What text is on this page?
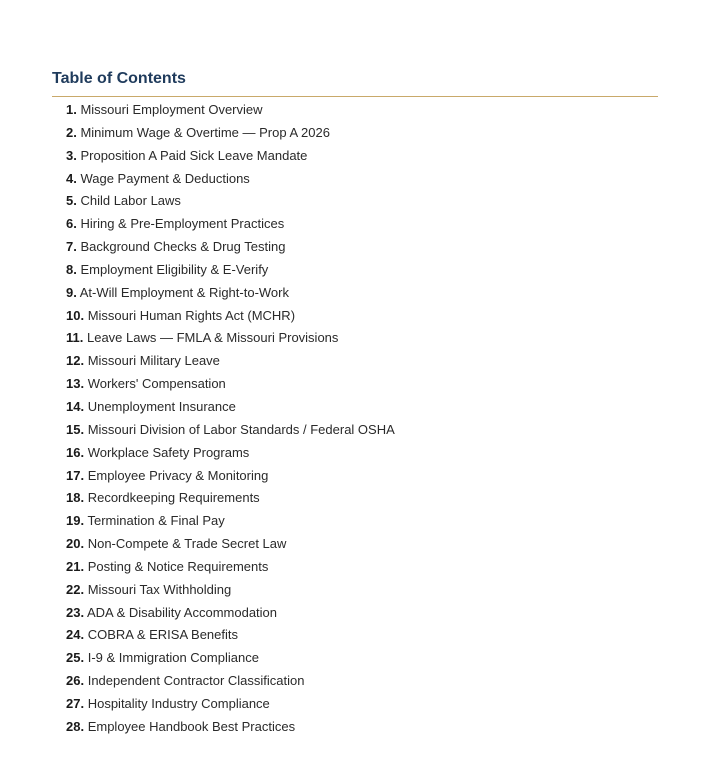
Table of Contents
1. Missouri Employment Overview
2. Minimum Wage & Overtime — Prop A 2026
3. Proposition A Paid Sick Leave Mandate
4. Wage Payment & Deductions
5. Child Labor Laws
6. Hiring & Pre-Employment Practices
7. Background Checks & Drug Testing
8. Employment Eligibility & E-Verify
9. At-Will Employment & Right-to-Work
10. Missouri Human Rights Act (MCHR)
11. Leave Laws — FMLA & Missouri Provisions
12. Missouri Military Leave
13. Workers' Compensation
14. Unemployment Insurance
15. Missouri Division of Labor Standards / Federal OSHA
16. Workplace Safety Programs
17. Employee Privacy & Monitoring
18. Recordkeeping Requirements
19. Termination & Final Pay
20. Non-Compete & Trade Secret Law
21. Posting & Notice Requirements
22. Missouri Tax Withholding
23. ADA & Disability Accommodation
24. COBRA & ERISA Benefits
25. I-9 & Immigration Compliance
26. Independent Contractor Classification
27. Hospitality Industry Compliance
28. Employee Handbook Best Practices
